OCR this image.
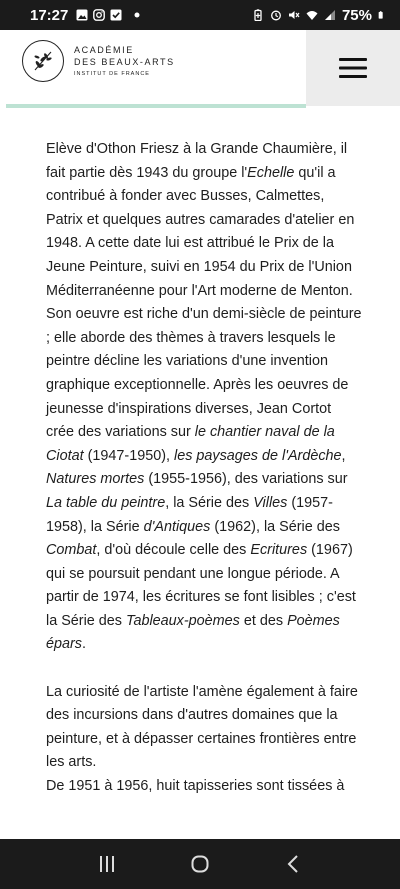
17:27	75%
ACADÉMIE
DES BEAUX-ARTS
INSTITUT DE FRANCE

Elève d'Othon Friesz à la Grande Chaumière, il fait partie dès 1943 du groupe l'Echelle qu'il a contribué à fonder avec Busses, Calmettes, Patrix et quelques autres camarades d'atelier en 1948. A cette date lui est attribué le Prix de la Jeune Peinture, suivi en 1954 du Prix de l'Union Méditerranéenne pour l'Art moderne de Menton.

Son oeuvre est riche d'un demi-siècle de peinture ; elle aborde des thèmes à travers lesquels le peintre décline les variations d'une invention graphique exceptionnelle. Après les oeuvres de jeunesse d'inspirations diverses, Jean Cortot crée des variations sur le chantier naval de la Ciotat (1947-1950), les paysages de l'Ardèche, Natures mortes (1955-1956), des variations sur La table du peintre, la Série des Villes (1957-1958), la Série d'Antiques (1962), la Série des Combat, d'où découle celle des Ecritures (1967) qui se poursuit pendant une longue période. A partir de 1974, les écritures se font lisibles ; c'est la Série des Tableaux-poèmes et des Poèmes épars.

La curiosité de l'artiste l'amène également à faire des incursions dans d'autres domaines que la peinture, et à dépasser certaines frontières entre les arts.

De 1951 à 1956, huit tapisseries sont tissées à
